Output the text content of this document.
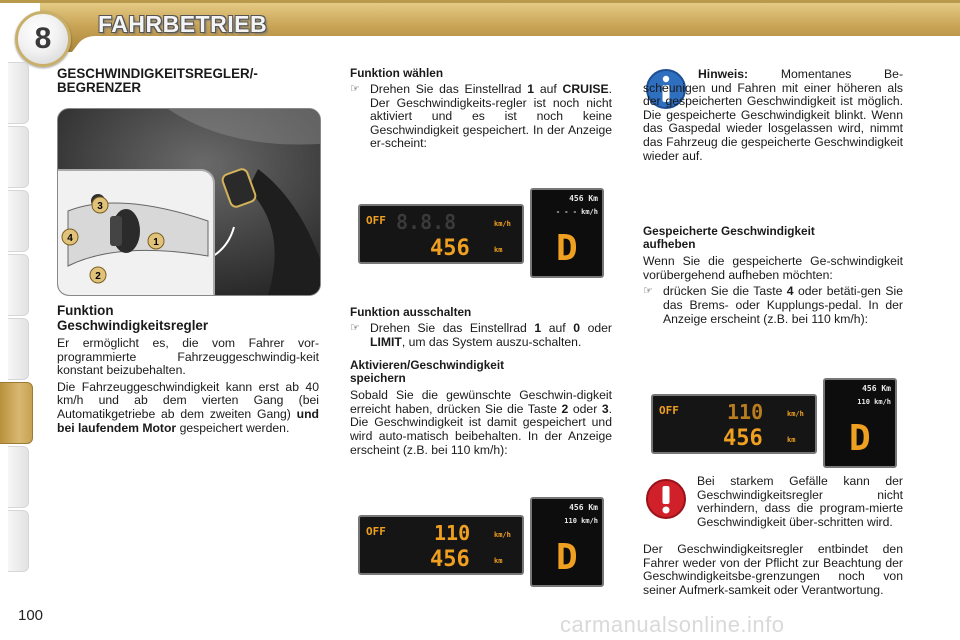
8	FAHRBETRIEB
GESCHWINDIGKEITSREGLER/-
BEGRENZER
3
4	1
2
Funktion
Geschwindigkeitsregler

Er ermöglicht es, die vom Fahrer vor-programmierte Fahrzeuggeschwindig-keit konstant beizubehalten.

Die Fahrzeuggeschwindigkeit kann erst ab 40 km/h und ab dem vierten Gang (bei Automatikgetriebe ab dem zweiten Gang) und bei laufendem Motor gespeichert werden.

Funktion wählen
☞ Drehen Sie das Einstellrad 1 auf CRUISE. Der Geschwindigkeits-regler ist noch nicht aktiviert und es ist noch keine Geschwindigkeit gespeichert. In der Anzeige er-scheint:
OFF 8.8.8	km/h
456	km
456 Km
- - - km/h
D
Funktion ausschalten
☞ Drehen Sie das Einstellrad 1 auf 0 oder LIMIT, um das System auszu-schalten.
Aktivieren/Geschwindigkeit
speichern

Sobald Sie die gewünschte Geschwin-digkeit erreicht haben, drücken Sie die Taste 2 oder 3. Die Geschwindigkeit ist damit gespeichert und wird auto-matisch beibehalten. In der Anzeige erscheint (z.B. bei 110 km/h):

OFF 110	km/h
456	km
456 Km
110 km/h
D

Hinweis:	Momentanes Be-scheunigen und Fahren mit einer höheren als der gespeicherten Geschwindigkeit ist möglich. Die gespeicherte Geschwindigkeit blinkt. Wenn das Gaspedal wieder losgelassen wird, nimmt das Fahrzeug die gespeicherte Geschwindigkeit wieder auf.

Gespeicherte Geschwindigkeit
aufheben

Wenn Sie die gespeicherte Ge-schwindigkeit vorübergehend aufheben möchten:

☞ drücken Sie die Taste 4 oder betäti-gen Sie das Brems- oder Kupplungs-pedal. In der Anzeige erscheint (z.B. bei 110 km/h):
OFF 110	km/h
456	km
456 Km
110 km/h
D

Bei starkem Gefälle kann der Geschwindigkeitsregler nicht verhindern, dass die program-mierte Geschwindigkeit über-schritten wird.

Der Geschwindigkeitsregler entbindet den Fahrer weder von der Pflicht zur Beachtung der Geschwindigkeitsbe-grenzungen noch von seiner Aufmerk-samkeit oder Verantwortung.

100	carmanualsonline.info
